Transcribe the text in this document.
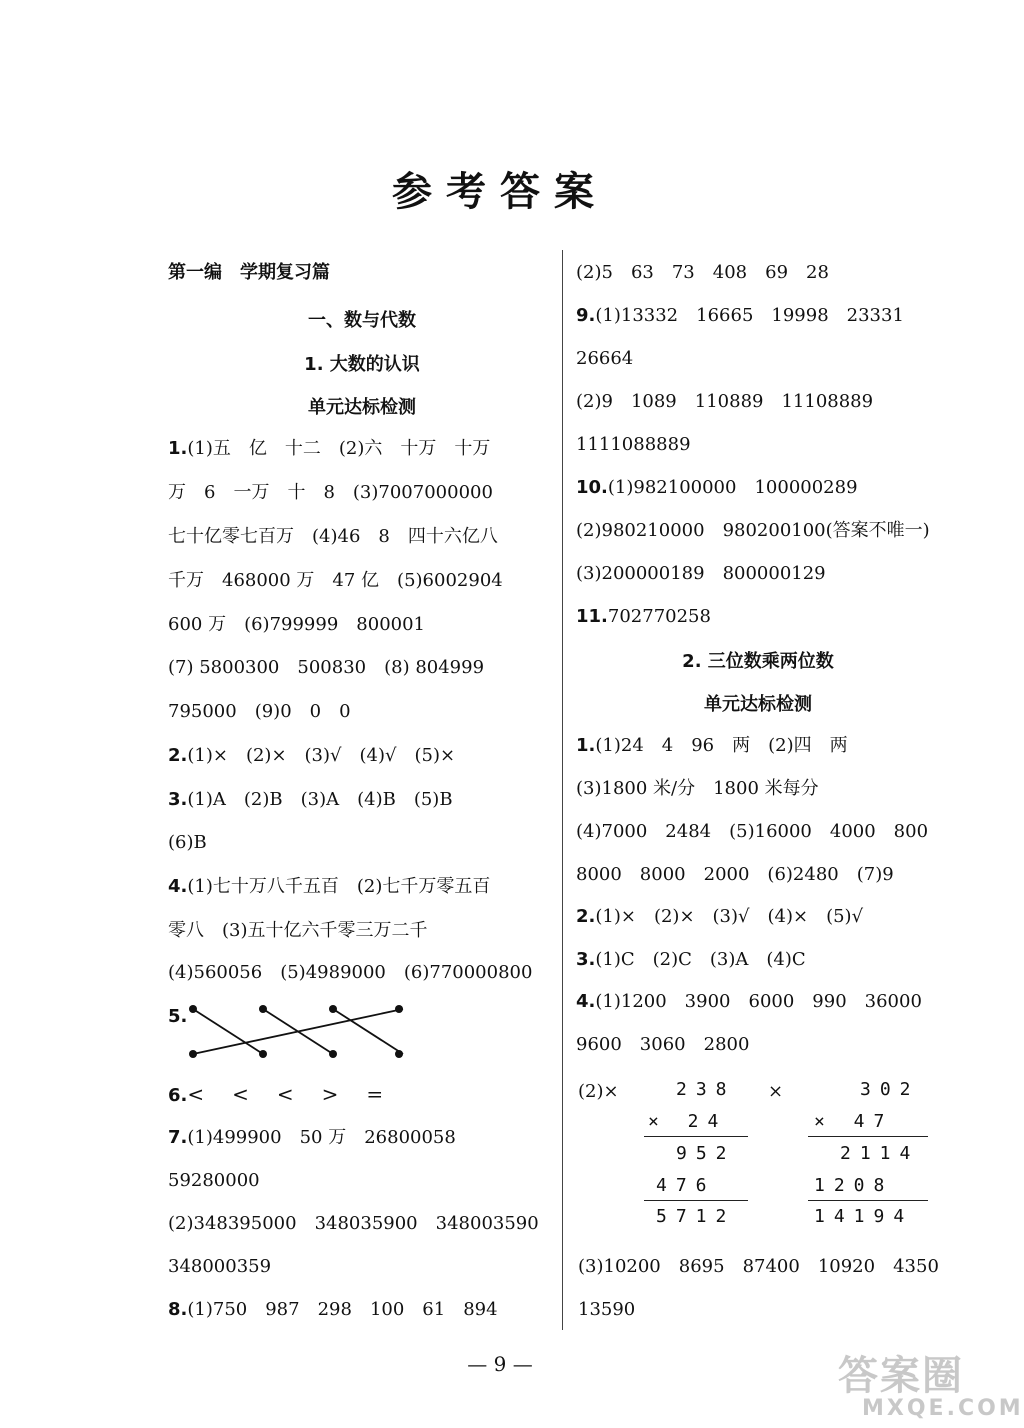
参考答案
第一编　学期复习篇
一、数与代数
1. 大数的认识
单元达标检测
1.(1)五　亿　十二　(2)六　十万　十万
万　6　一万　十　8　(3)7007000000
七十亿零七百万　(4)46　8　四十六亿八
千万　468000 万　47 亿　(5)6002904
600 万　(6)799999　800001
(7) 5800300　500830　(8) 804999
795000　(9)0　0　0
2.(1)×　(2)×　(3)√　(4)√　(5)×
3.(1)A　(2)B　(3)A　(4)B　(5)B
(6)B
4.(1)七十万八千五百　(2)七千万零五百
零八　(3)五十亿六千零三万二千
(4)560056　(5)4989000　(6)770000800
5.
6.<　<　<　>　=
7.(1)499900　50 万　26800058
59280000
(2)348395000　348035900　348003590
348000359
8.(1)750　987　298　100　61　894
(2)5　63　73　408　69　28
9.(1)13332　16665　19998　23331
26664
(2)9　1089　110889　11108889
1111088889
10.(1)982100000　100000289
(2)980210000　980200100(答案不唯一)
(3)200000189　800000129
11.702770258
2. 三位数乘两位数
单元达标检测
1.(1)24　4　96　两　(2)四　两
(3)1800 米/分　1800 米每分
(4)7000　2484　(5)16000　4000　800
8000　8000　2000　(6)2480　(7)9
2.(1)×　(2)×　(3)√　(4)×　(5)√
3.(1)C　(2)C　(3)A　(4)C
4.(1)1200　3900　6000　990　36000
9600　3060　2800
(2)×	238
× 24
952
476
5712
×	302
× 47
2114
1208
14194
(3)10200　8695　87400　10920　4350
13590
— 9 —	答案圈
MXQE.COM
